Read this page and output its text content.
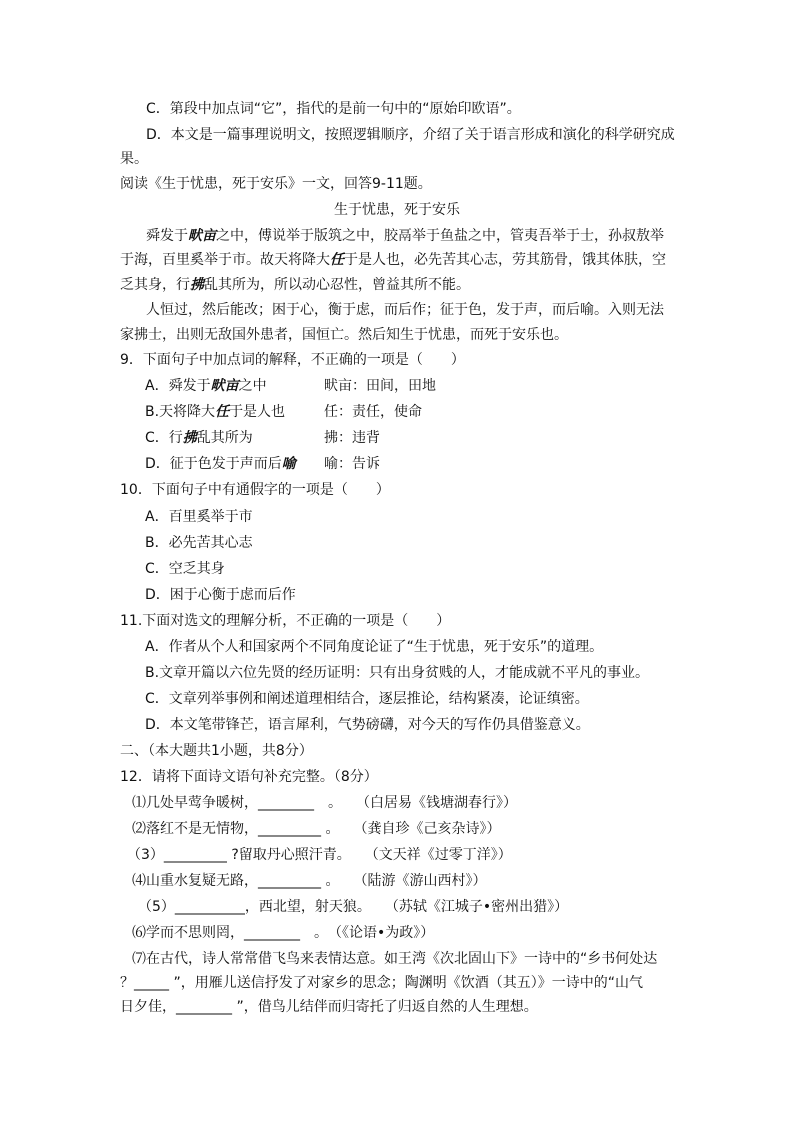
C．第段中加点词“它”，指代的是前一句中的“原始印欧语”。
D．本文是一篇事理说明文，按照逻辑顺序，介绍了关于语言形成和演化的科学研究成
果。
阅读《生于忧患，死于安乐》一文，回答9-11题。
生于忧患，死于安乐
舜发于畎亩之中，傅说举于版筑之中，胶鬲举于鱼盐之中，管夷吾举于士，孙叔敖举
于海，百里奚举于市。故天将降大任于是人也，必先苦其心志，劳其筋骨，饿其体肤，空
乏其身，行拂乱其所为，所以动心忍性，曾益其所不能。
人恒过，然后能改；困于心，衡于虑，而后作；征于色，发于声，而后喻。入则无法
家拂士，出则无敌国外患者，国恒亡。然后知生于忧患，而死于安乐也。
9．下面句子中加点词的解释，不正确的一项是（　　）
A．舜发于畎亩之中	畎亩：田间，田地
B.天将降大任于是人也	任：责任，使命
C．行拂乱其所为	拂：违背
D．征于色发于声而后喻 喻：告诉
10．下面句子中有通假字的一项是（　　）
A．百里奚举于市
B．必先苦其心志
C．空乏其身
D．困于心衡于虑而后作
11.下面对选文的理解分析，不正确的一项是（　　）
A．作者从个人和国家两个不同角度论证了“生于忧患，死于安乐”的道理。
B.文章开篇以六位先贤的经历证明：只有出身贫贱的人，才能成就不平凡的事业。
C．文章列举事例和阐述道理相结合，逐层推论，结构紧凑，论证缜密。
D．本文笔带锋芒，语言犀利，气势磅礴，对今天的写作仍具借鉴意义。
二、（本大题共1小题，共8分）
12．请将下面诗文语句补充完整。（8分）
⑴几处早莺争暖树，________　。　　（白居易《钱塘湖春行》）
⑵落红不是无情物，_________ 。　　（龚自珍《己亥杂诗》）
（3）_________ ?留取丹心照汗青。　　（文天祥《过零丁洋》）
⑷山重水复疑无路，_________ 。　　（陆游《游山西村》）
（5）__________，西北望，射天狼。　　（苏轼《江城子•密州出猎》）
⑹学而不思则罔，________　。　（《论语•为政》）
⑺在古代，诗人常常借飞鸟来表情达意。如王湾《次北固山下》一诗中的“乡书何处达
？_____ ”，用雁儿送信抒发了对家乡的思念；陶渊明《饮酒（其五）》一诗中的“山气
日夕佳，________ ”，借鸟儿结伴而归寄托了归返自然的人生理想。
